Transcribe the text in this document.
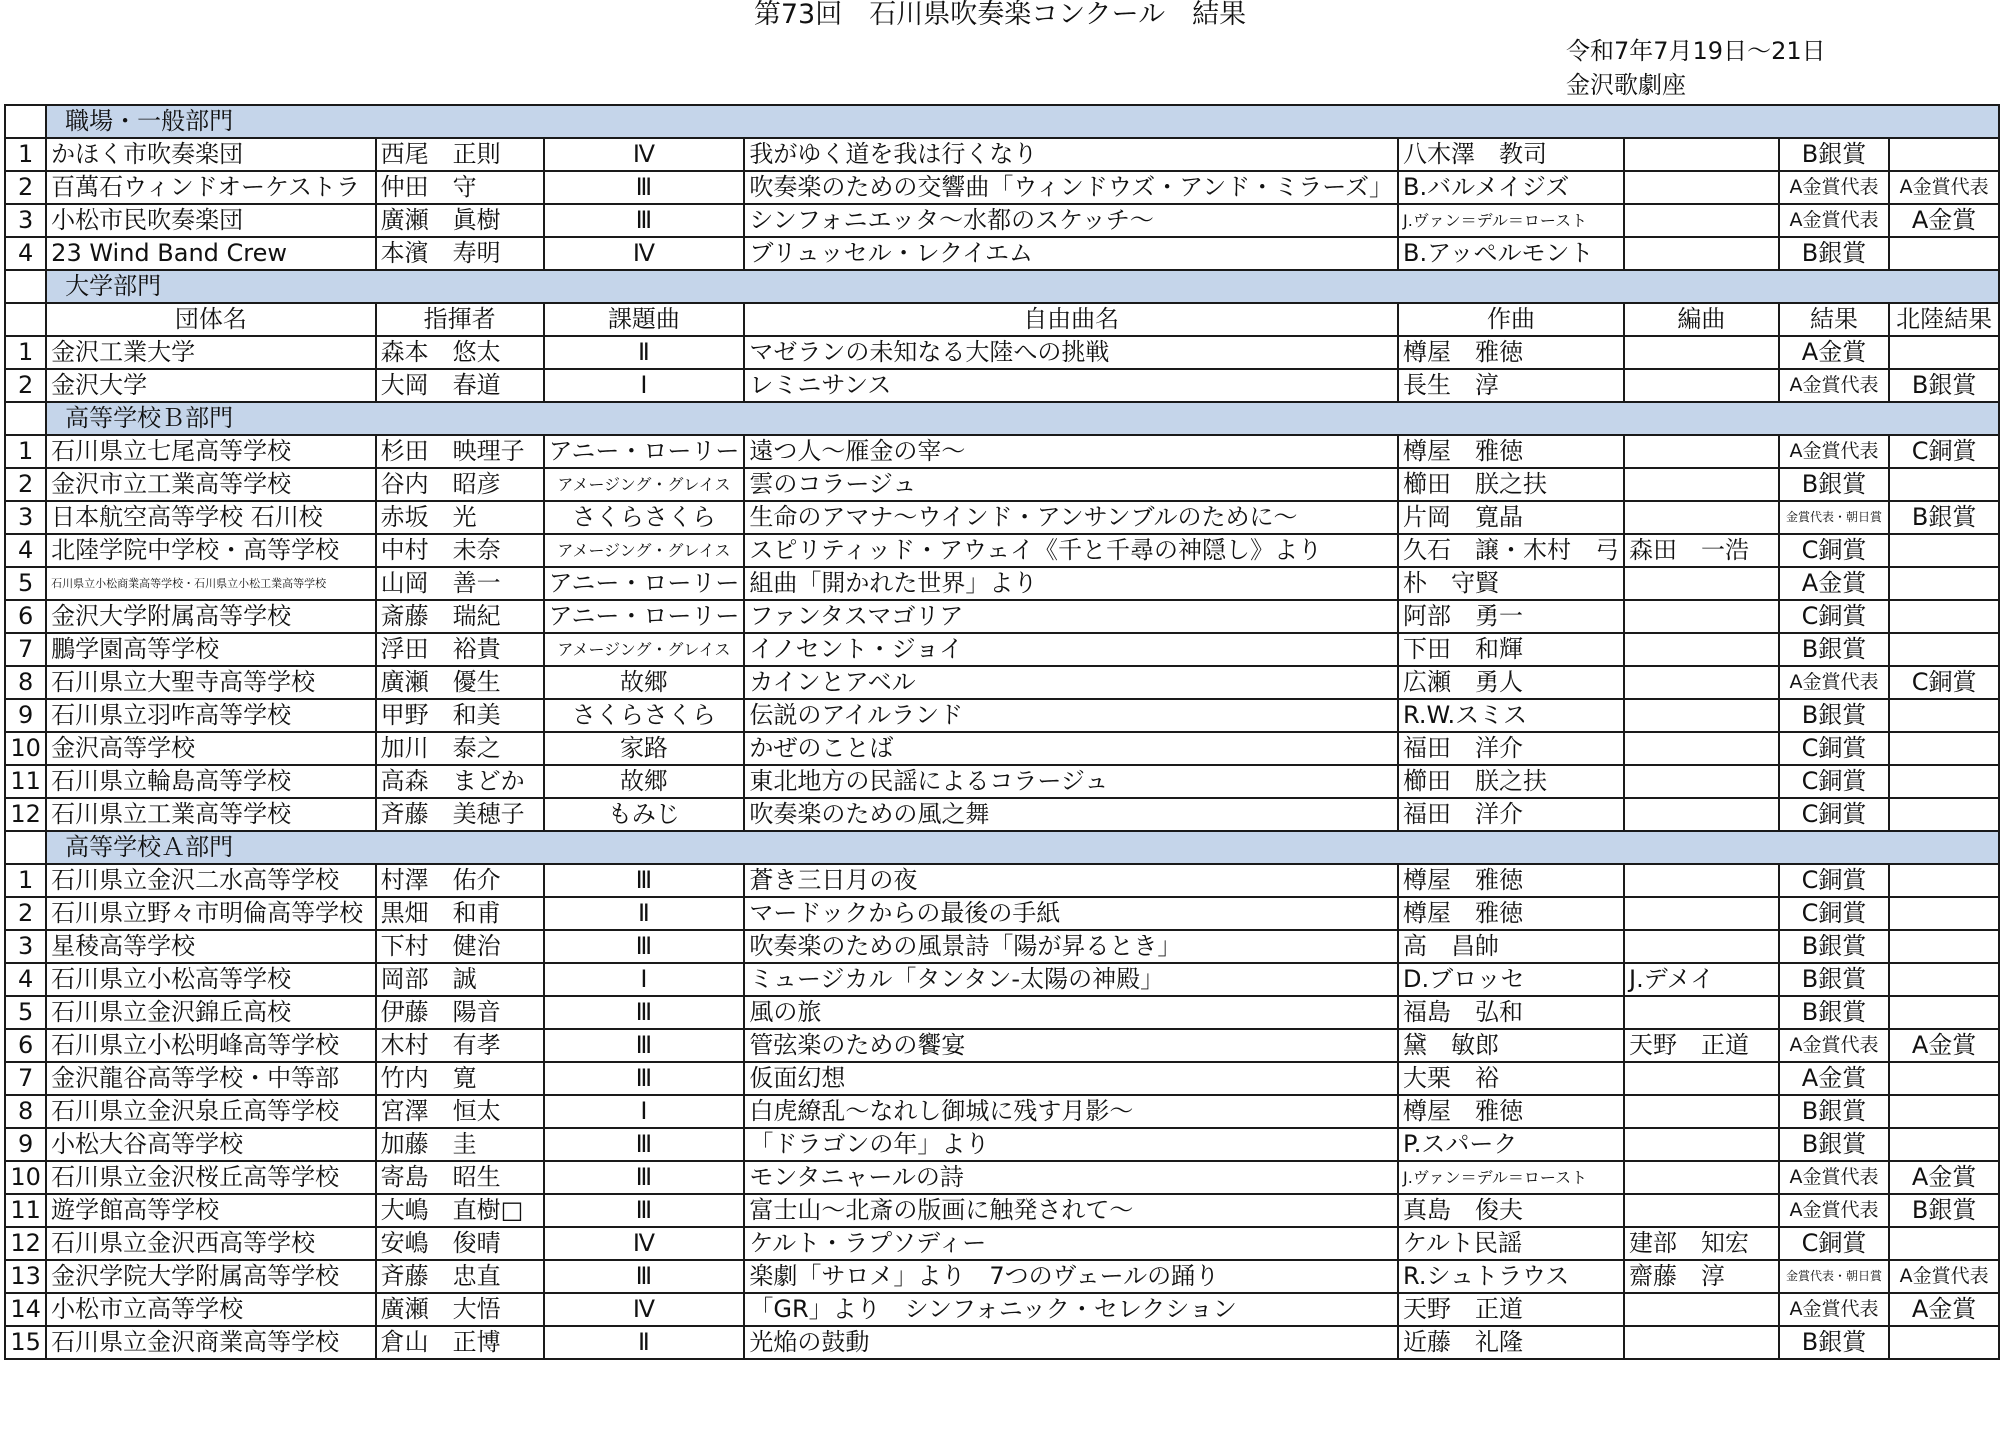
第73回　石川県吹奏楽コンクール　結果
令和7年7月19日～21日
金沢歌劇座
	職場・一般部門							
1	かほく市吹奏楽団	西尾　正則	Ⅳ	我がゆく道を我は行くなり	八木澤　教司		B銀賞	
2	百萬石ウィンドオーケストラ	仲田　守	Ⅲ	吹奏楽のための交響曲「ウィンドウズ・アンド・ミラーズ」	B.バルメイジズ		A金賞代表	A金賞代表
3	小松市民吹奏楽団	廣瀬　眞樹	Ⅲ	シンフォニエッタ～水都のスケッチ～	J.ヴァン＝デル＝ロースト		A金賞代表	A金賞
4	23 Wind Band Crew	本濱　寿明	Ⅳ	ブリュッセル・レクイエム	B.アッペルモント		B銀賞	
	大学部門							
	団体名	指揮者	課題曲	自由曲名	作曲	編曲	結果	北陸結果
1	金沢工業大学	森本　悠太	Ⅱ	マゼランの未知なる大陸への挑戦	樽屋　雅徳		A金賞	
2	金沢大学	大岡　春道	Ⅰ	レミニサンス	長生　淳		A金賞代表	B銀賞
	高等学校Ｂ部門							
1	石川県立七尾高等学校	杉田　映理子	アニー・ローリー	遠つ人～雁金の宰～	樽屋　雅徳		A金賞代表	C銅賞
2	金沢市立工業高等学校	谷内　昭彦	アメージング・グレイス	雲のコラージュ	櫛田　朕之扶		B銀賞	
3	日本航空高等学校 石川校	赤坂　光	さくらさくら	生命のアマナ～ウインド・アンサンブルのために～	片岡　寛晶		金賞代表・朝日賞	B銀賞
4	北陸学院中学校・高等学校	中村　未奈	アメージング・グレイス	スピリティッド・アウェイ《千と千尋の神隠し》より	久石　譲・木村　弓	森田　一浩	C銅賞	
5	石川県立小松商業高等学校・石川県立小松工業高等学校	山岡　善一	アニー・ローリー	組曲「開かれた世界」より	朴　守賢		A金賞	
6	金沢大学附属高等学校	斎藤　瑞紀	アニー・ローリー	ファンタスマゴリア	阿部　勇一		C銅賞	
7	鵬学園高等学校	浮田　裕貴	アメージング・グレイス	イノセント・ジョイ	下田　和輝		B銀賞	
8	石川県立大聖寺高等学校	廣瀬　優生	故郷	カインとアベル	広瀬　勇人		A金賞代表	C銅賞
9	石川県立羽咋高等学校	甲野　和美	さくらさくら	伝説のアイルランド	R.W.スミス		B銀賞	
10	金沢高等学校	加川　泰之	家路	かぜのことば	福田　洋介		C銅賞	
11	石川県立輪島高等学校	高森　まどか	故郷	東北地方の民謡によるコラージュ	櫛田　朕之扶		C銅賞	
12	石川県立工業高等学校	斉藤　美穂子	もみじ	吹奏楽のための風之舞	福田　洋介		C銅賞	
	高等学校Ａ部門							
1	石川県立金沢二水高等学校	村澤　佑介	Ⅲ	蒼き三日月の夜	樽屋　雅徳		C銅賞	
2	石川県立野々市明倫高等学校	黒畑　和甫	Ⅱ	マードックからの最後の手紙	樽屋　雅徳		C銅賞	
3	星稜高等学校	下村　健治	Ⅲ	吹奏楽のための風景詩「陽が昇るとき」	高　昌帥		B銀賞	
4	石川県立小松高等学校	岡部　誠	Ⅰ	ミュージカル「タンタン-太陽の神殿」	D.ブロッセ	J.デメイ	B銀賞	
5	石川県立金沢錦丘高校	伊藤　陽音	Ⅲ	風の旅	福島　弘和		B銀賞	
6	石川県立小松明峰高等学校	木村　有孝	Ⅲ	管弦楽のための饗宴	黛　敏郎	天野　正道	A金賞代表	A金賞
7	金沢龍谷高等学校・中等部	竹内　寛	Ⅲ	仮面幻想	大栗　裕		A金賞	
8	石川県立金沢泉丘高等学校	宮澤　恒太	Ⅰ	白虎繚乱～なれし御城に残す月影～	樽屋　雅徳		B銀賞	
9	小松大谷高等学校	加藤　圭	Ⅲ	「ドラゴンの年」より	P.スパーク		B銀賞	
10	石川県立金沢桜丘高等学校	寄島　昭生	Ⅲ	モンタニャールの詩	J.ヴァン＝デル＝ロースト		A金賞代表	A金賞
11	遊学館高等学校	大嶋　直樹□	Ⅲ	富士山～北斎の版画に触発されて～	真島　俊夫		A金賞代表	B銀賞
12	石川県立金沢西高等学校	安嶋　俊晴	Ⅳ	ケルト・ラプソディー	ケルト民謡	建部　知宏	C銅賞	
13	金沢学院大学附属高等学校	斉藤　忠直	Ⅲ	楽劇「サロメ」より　7つのヴェールの踊り	R.シュトラウス	齋藤　淳	金賞代表・朝日賞	A金賞代表
14	小松市立高等学校	廣瀬　大悟	Ⅳ	「GR」より　シンフォニック・セレクション	天野　正道		A金賞代表	A金賞
15	石川県立金沢商業高等学校	倉山　正博	Ⅱ	光焔の鼓動	近藤　礼隆		B銀賞	
